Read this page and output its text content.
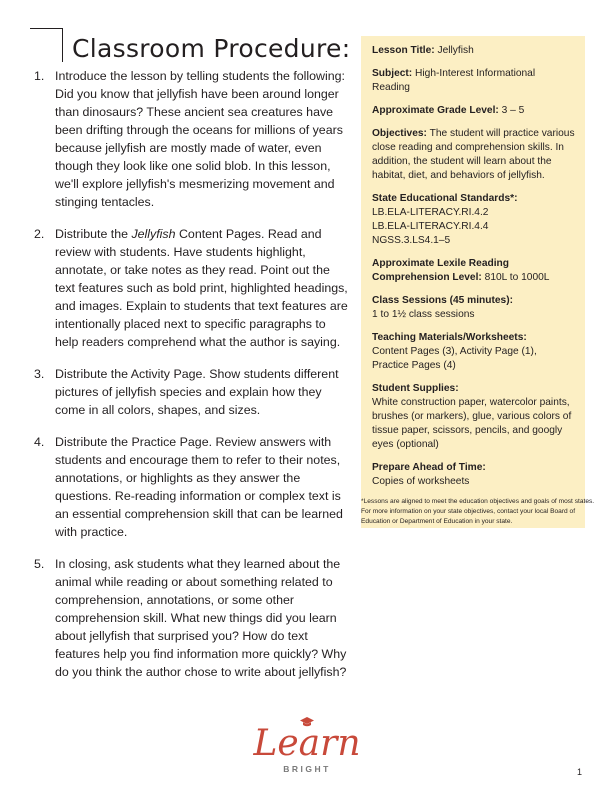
Classroom Procedure:
1. Introduce the lesson by telling students the following: Did you know that jellyfish have been around longer than dinosaurs? These ancient sea creatures have been drifting through the oceans for millions of years because jellyfish are mostly made of water, even though they look like one solid blob. In this lesson, we'll explore jellyfish's mesmerizing movement and stinging tentacles.
2. Distribute the Jellyfish Content Pages. Read and review with students. Have students highlight, annotate, or take notes as they read. Point out the text features such as bold print, highlighted headings, and images. Explain to students that text features are intentionally placed next to specific paragraphs to help readers comprehend what the author is saying.
3. Distribute the Activity Page. Show students different pictures of jellyfish species and explain how they come in all colors, shapes, and sizes.
4. Distribute the Practice Page. Review answers with students and encourage them to refer to their notes, annotations, or highlights as they answer the questions. Re-reading information or complex text is an essential comprehension skill that can be learned with practice.
5. In closing, ask students what they learned about the animal while reading or about something related to comprehension, annotations, or some other comprehension skill. What new things did you learn about jellyfish that surprised you? How do text features help you find information more quickly? Why do you think the author chose to write about jellyfish?
Lesson Title: Jellyfish
Subject: High-Interest Informational Reading
Approximate Grade Level: 3 – 5
Objectives: The student will practice various close reading and comprehension skills. In addition, the student will learn about the habitat, diet, and behaviors of jellyfish.
State Educational Standards*:
LB.ELA-LITERACY.RI.4.2
LB.ELA-LITERACY.RI.4.4
NGSS.3.LS4.1–5
Approximate Lexile Reading Comprehension Level: 810L to 1000L
Class Sessions (45 minutes):
1 to 1½ class sessions
Teaching Materials/Worksheets:
Content Pages (3), Activity Page (1), Practice Pages (4)
Student Supplies:
White construction paper, watercolor paints, brushes (or markers), glue, various colors of tissue paper, scissors, pencils, and googly eyes (optional)
Prepare Ahead of Time:
Copies of worksheets
*Lessons are aligned to meet the education objectives and goals of most states. For more information on your state objectives, contact your local Board of Education or Department of Education in your state.
Learn
BRIGHT	1
